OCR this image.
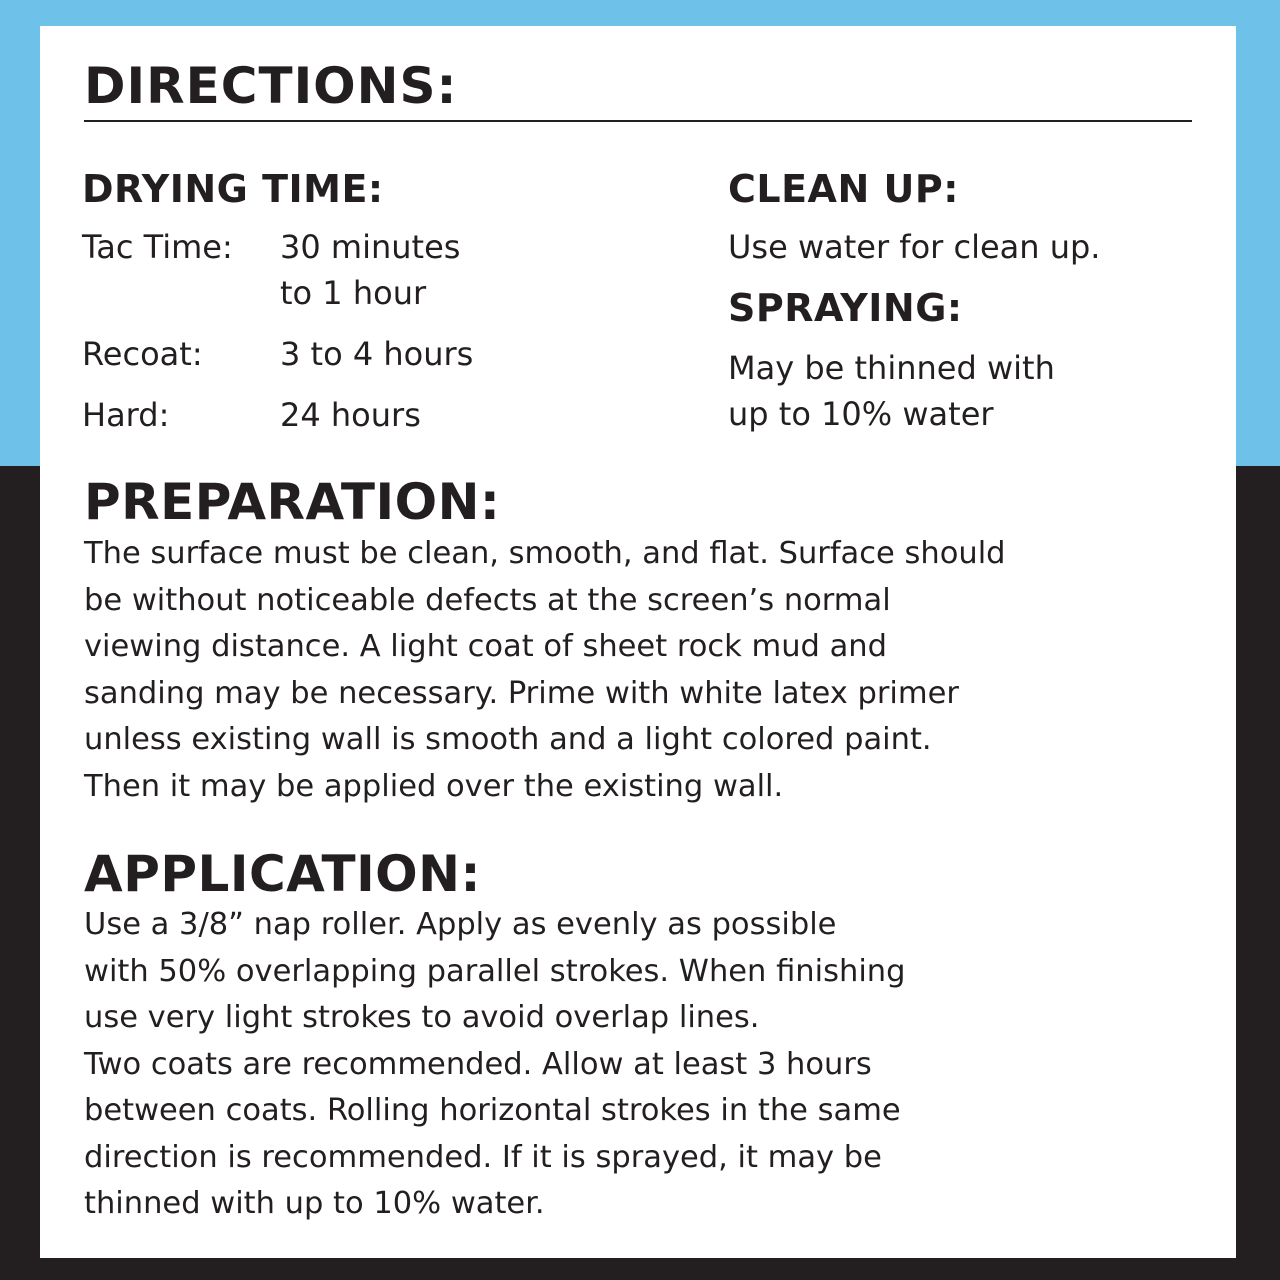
DIRECTIONS:
DRYING TIME:
Tac Time: 30 minutes
to 1 hour
Recoat: 3 to 4 hours
Hard:	24 hours
CLEAN UP:
Use water for clean up.
SPRAYING:
May be thinned with
up to 10% water
PREPARATION:
The surface must be clean, smooth, and flat. Surface should
be without noticeable defects at the screen’s normal
viewing distance. A light coat of sheet rock mud and
sanding may be necessary. Prime with white latex primer
unless existing wall is smooth and a light colored paint.
Then it may be applied over the existing wall.
APPLICATION:
Use a 3/8” nap roller. Apply as evenly as possible
with 50% overlapping parallel strokes. When finishing
use very light strokes to avoid overlap lines.
Two coats are recommended. Allow at least 3 hours
between coats. Rolling horizontal strokes in the same
direction is recommended. If it is sprayed, it may be
thinned with up to 10% water.
